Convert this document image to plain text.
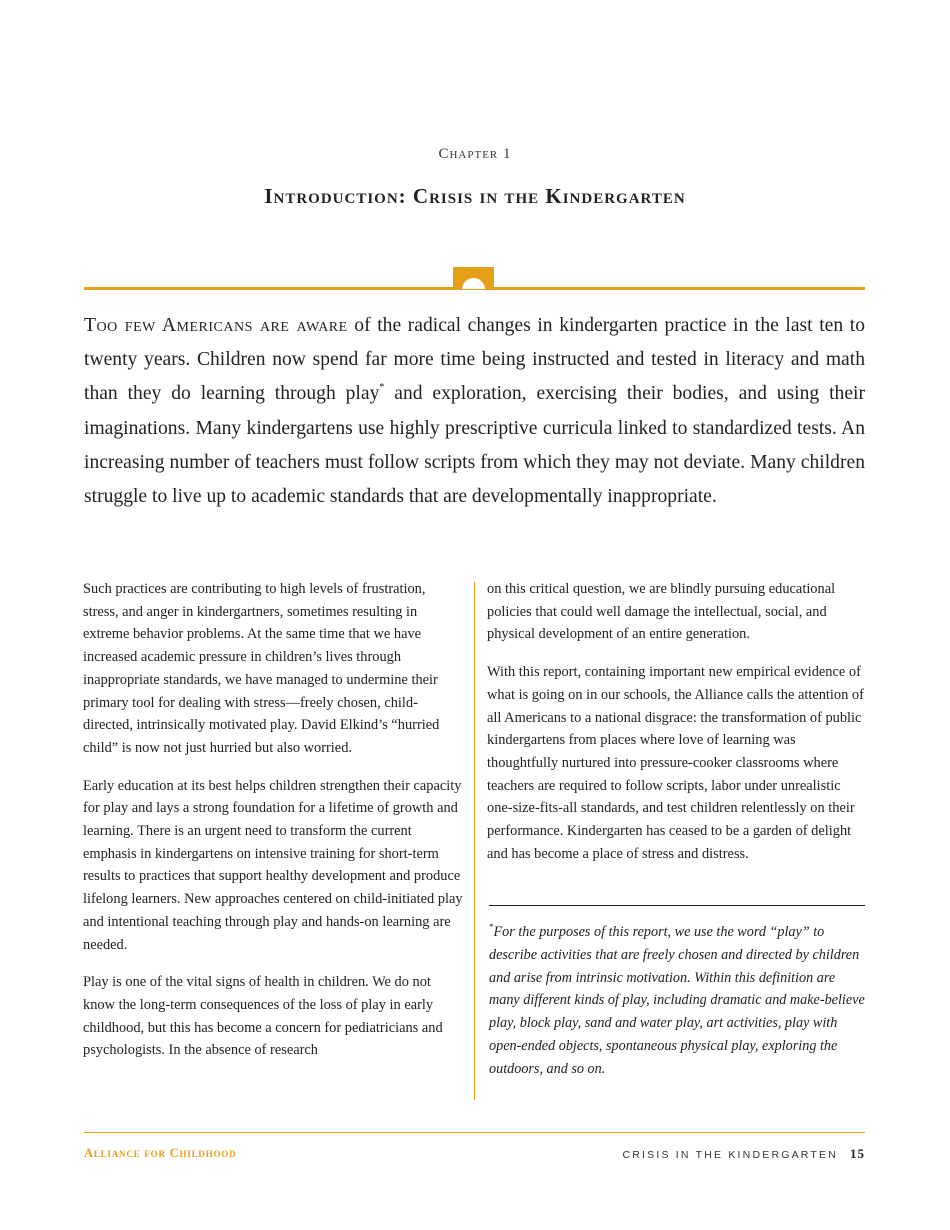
Chapter 1
Introduction: Crisis in the Kindergarten

Too few Americans are aware of the radical changes in kindergarten practice in the last ten to twenty years. Children now spend far more time being instructed and tested in literacy and math than they do learning through play* and exploration, exercising their bodies, and using their imaginations. Many kindergartens use highly prescriptive curricula linked to standardized tests. An increasing number of teachers must follow scripts from which they may not deviate. Many children struggle to live up to academic standards that are developmentally inappropriate.

Such practices are contributing to high levels of frustration, stress, and anger in kindergartners, sometimes resulting in extreme behavior problems. At the same time that we have increased academic pressure in children’s lives through inappropriate standards, we have managed to undermine their primary tool for dealing with stress—freely chosen, child-directed, intrinsically motivated play. David Elkind’s “hurried child” is now not just hurried but also worried.

Early education at its best helps children strengthen their capacity for play and lays a strong foundation for a lifetime of growth and learning. There is an urgent need to transform the current emphasis in kindergartens on intensive training for short-term results to practices that support healthy development and produce lifelong learners. New approaches centered on child-initiated play and intentional teaching through play and hands-on learning are needed.

Play is one of the vital signs of health in children. We do not know the long-term consequences of the loss of play in early childhood, but this has become a concern for pediatricians and psychologists. In the absence of research

on this critical question, we are blindly pursuing educational policies that could well damage the intellectual, social, and physical development of an entire generation.

With this report, containing important new empirical evidence of what is going on in our schools, the Alliance calls the attention of all Americans to a national disgrace: the transformation of public kindergartens from places where love of learning was thoughtfully nurtured into pressure-cooker classrooms where teachers are required to follow scripts, labor under unrealistic one-size-fits-all standards, and test children relentlessly on their performance. Kindergarten has ceased to be a garden of delight and has become a place of stress and distress.

*For the purposes of this report, we use the word “play” to describe activities that are freely chosen and directed by children and arise from intrinsic motivation. Within this definition are many different kinds of play, including dramatic and make-believe play, block play, sand and water play, art activities, play with open-ended objects, spontaneous physical play, exploring the outdoors, and so on.

Alliance for Childhood	CRISIS IN THE KINDERGARTEN 15
